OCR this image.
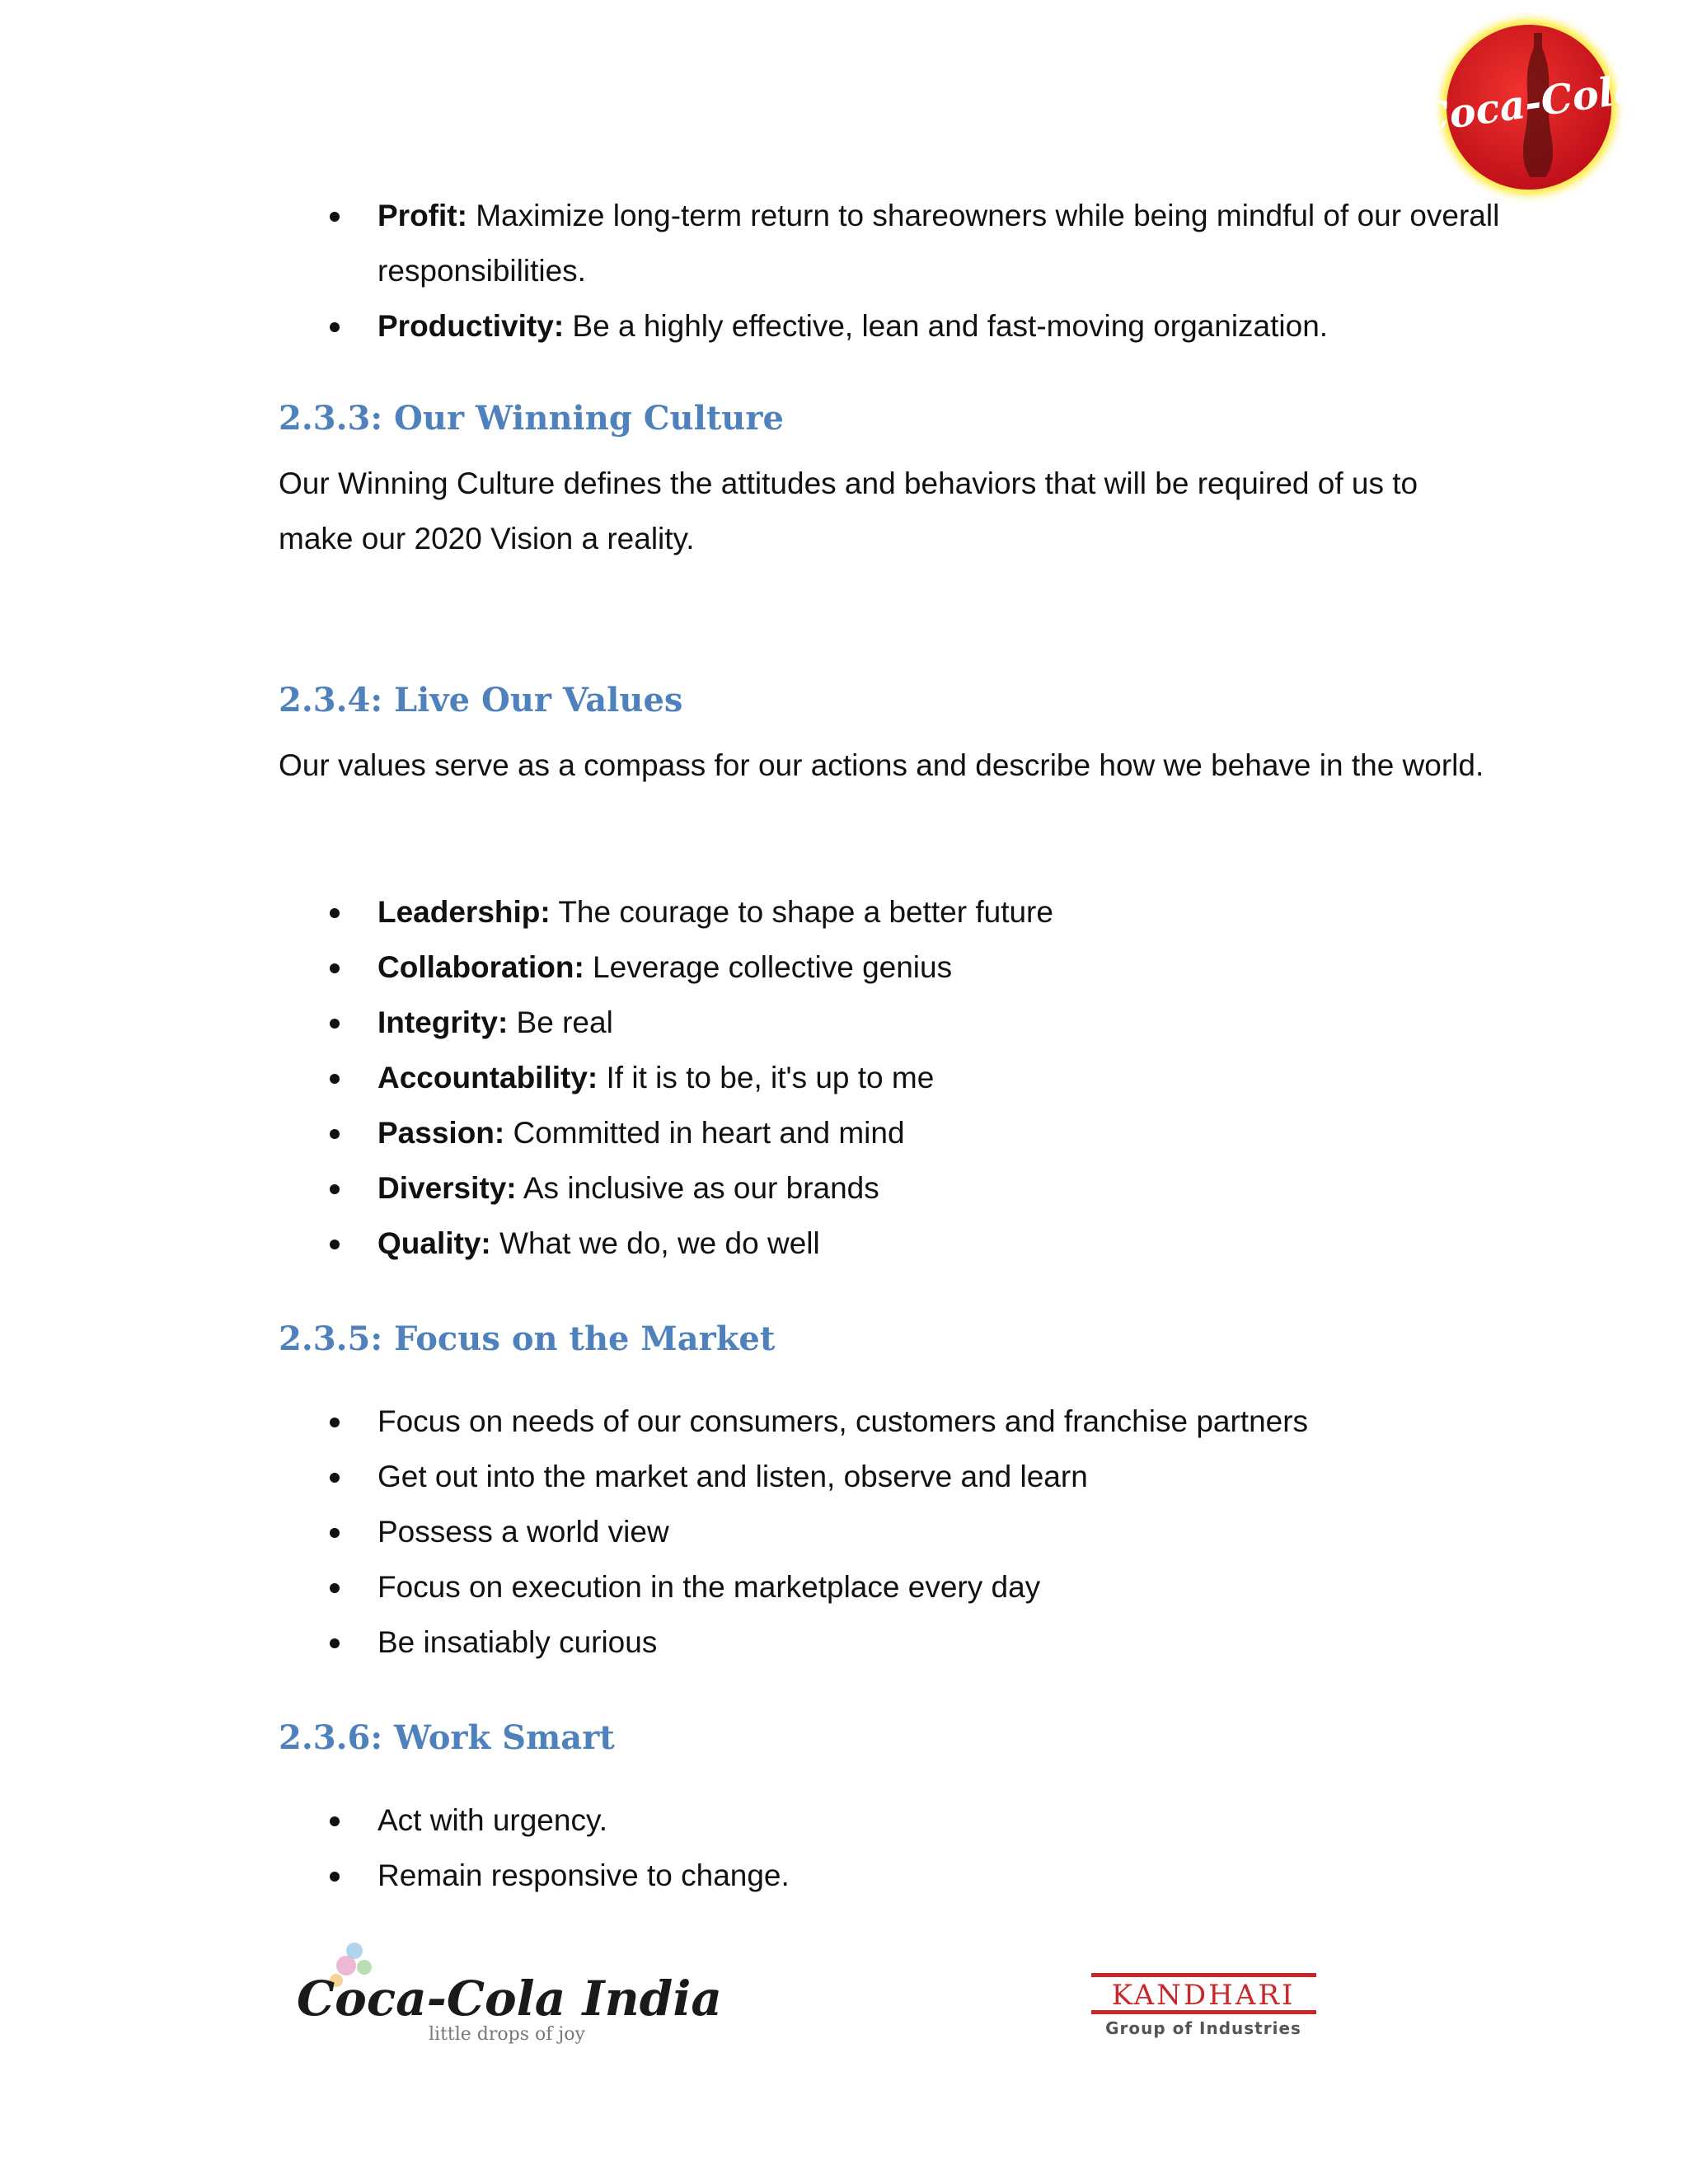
Coca‑Cola
Profit: Maximize long-term return to shareowners while being mindful of our overall responsibilities.
Productivity: Be a highly effective, lean and fast-moving organization.
2.3.3: Our Winning Culture

Our Winning Culture defines the attitudes and behaviors that will be required of us to make our 2020 Vision a reality.

2.3.4: Live Our Values

Our values serve as a compass for our actions and describe how we behave in the world.

Leadership: The courage to shape a better future
Collaboration: Leverage collective genius
Integrity: Be real
Accountability: If it is to be, it's up to me
Passion: Committed in heart and mind
Diversity: As inclusive as our brands
Quality: What we do, we do well
2.3.5: Focus on the Market
Focus on needs of our consumers, customers and franchise partners
Get out into the market and listen, observe and learn
Possess a world view
Focus on execution in the marketplace every day
Be insatiably curious
2.3.6: Work Smart
Act with urgency.
Remain responsive to change.
Coca-Cola India
little drops of joy
KANDHARI
Group of Industries
